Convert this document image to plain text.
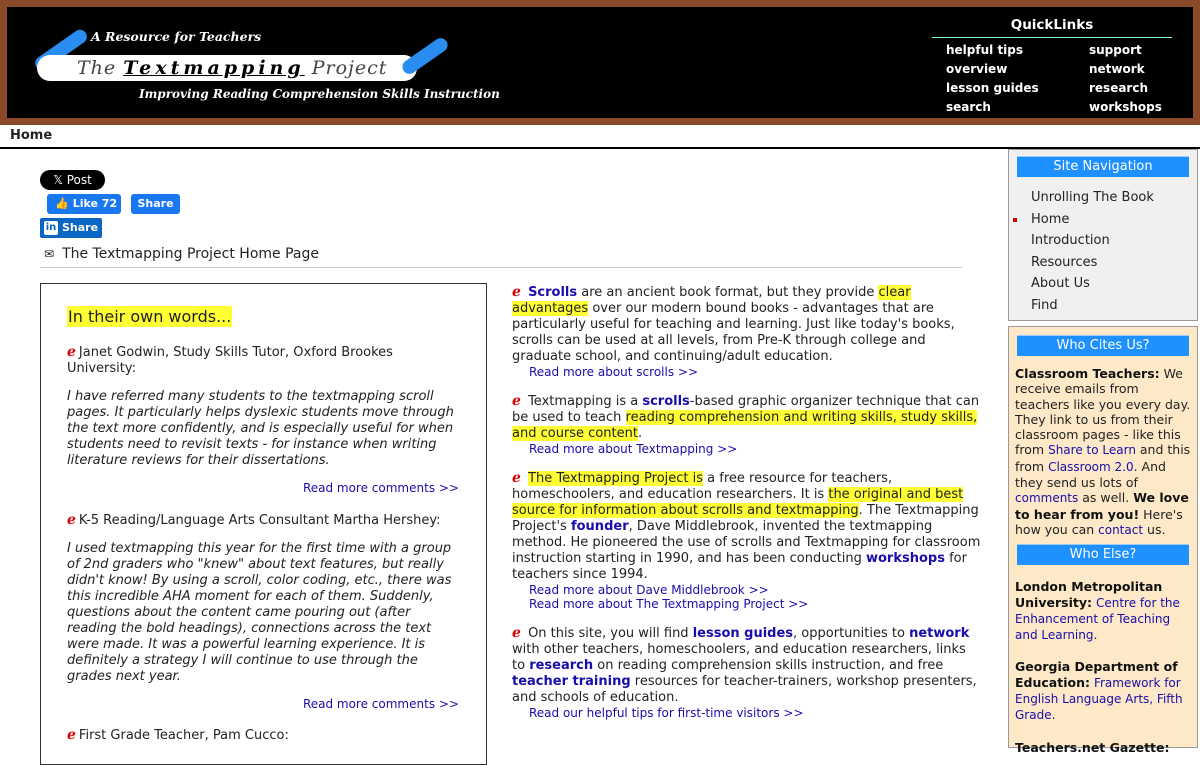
A Resource for Teachers
The Textmapping Project
Improving Reading Comprehension Skills Instruction
QuickLinks
helpful tips	support
overview	network
lesson guides	research
search	workshops
Home
𝕏 Post
👍 Like 72	Share
in Share
✉ The Textmapping Project Home Page
In their own words...
ℯ Janet Godwin, Study Skills Tutor, Oxford Brookes University:
I have referred many students to the textmapping scroll pages. It particularly helps dyslexic students move through the text more confidently, and is especially useful for when students need to revisit texts - for instance when writing literature reviews for their dissertations.
Read more comments >>
ℯ K-5 Reading/Language Arts Consultant Martha Hershey:
I used textmapping this year for the first time with a group of 2nd graders who "knew" about text features, but really didn't know! By using a scroll, color coding, etc., there was this incredible AHA moment for each of them. Suddenly, questions about the content came pouring out (after reading the bold headings), connections across the text were made. It was a powerful learning experience. It is definitely a strategy I will continue to use through the grades next year.
Read more comments >>
ℯ First Grade Teacher, Pam Cucco:
ℯ Scrolls are an ancient book format, but they provide clear advantages over our modern bound books - advantages that are particularly useful for teaching and learning. Just like today's books, scrolls can be used at all levels, from Pre-K through college and graduate school, and continuing/adult education.
Read more about scrolls >>
ℯ Textmapping is a scrolls-based graphic organizer technique that can be used to teach reading comprehension and writing skills, study skills, and course content.
Read more about Textmapping >>
ℯ The Textmapping Project is a free resource for teachers, homeschoolers, and education researchers. It is the original and best source for information about scrolls and textmapping. The Textmapping Project's founder, Dave Middlebrook, invented the textmapping method. He pioneered the use of scrolls and Textmapping for classroom instruction starting in 1990, and has been conducting workshops for teachers since 1994.
Read more about Dave Middlebrook >>
Read more about The Textmapping Project >>
ℯ On this site, you will find lesson guides, opportunities to network with other teachers, homeschoolers, and education researchers, links to research on reading comprehension skills instruction, and free teacher training resources for teacher-trainers, workshop presenters, and schools of education.
Read our helpful tips for first-time visitors >>
Site Navigation
Unrolling The Book
Home
Introduction
Resources
About Us
Find
Who Cites Us?
Classroom Teachers: We receive emails from teachers like you every day. They link to us from their classroom pages - like this from Share to Learn and this from Classroom 2.0. And they send us lots of comments as well. We love to hear from you! Here's how you can contact us.
Who Else?
London Metropolitan University: Centre for the Enhancement of Teaching and Learning.
Georgia Department of Education: Framework for English Language Arts, Fifth Grade.
Teachers.net Gazette:
